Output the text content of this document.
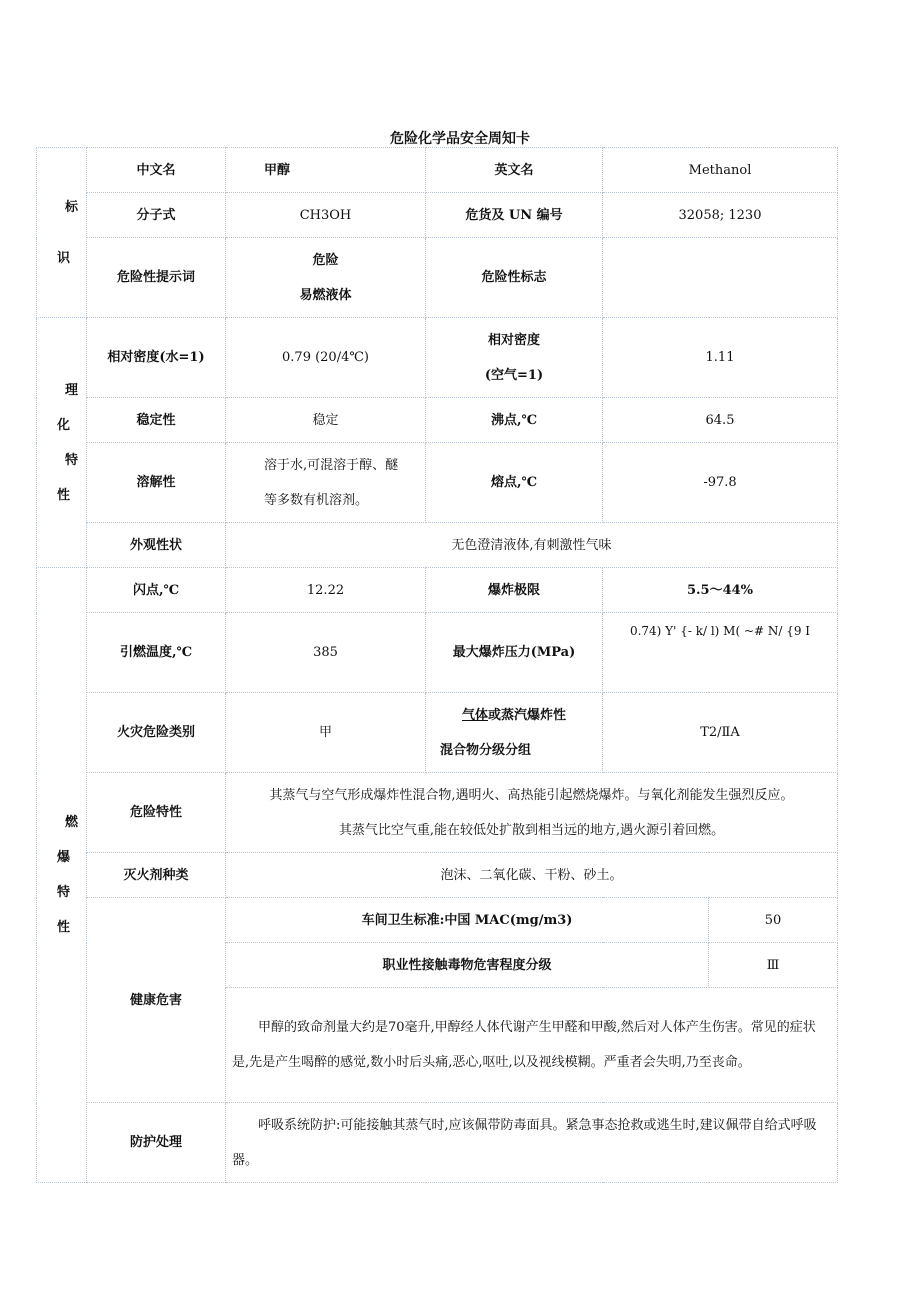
危险化学品安全周知卡
标
识	中文名	甲醇	英文名	Methanol	
	分子式	CH3OH	危货及 UN 编号	32058; 1230	
	危险性提示词	危险
易燃液体	危险性标志		

理
化
特
性	相对密度(水=1)	0.79 (20/4℃)	相对密度
(空气=1)	1.11	
	稳定性	稳定	沸点,℃	64.5	
	溶解性	溶于水,可混溶于醇、醚
等多数有机溶剂。	熔点,℃	-97.8	
	外观性状	无色澄清液体,有刺激性气味			

燃
爆特
性	闪点,℃	12.22	爆炸极限	5.5～44%	
	引燃温度,℃	385	最大爆炸压力(MPa)	0.74) Y' {- k/ l) M( ~# N/ {9 I	
	火灾危险类别	甲	气体或蒸汽爆炸性
混合物分级分组	T2/ⅡA	
	危险特性	其蒸气与空气形成爆炸性混合物,遇明火、高热能引起燃烧爆炸。与氧化剂能发生强烈反应。
其蒸气比空气重,能在较低处扩散到相当远的地方,遇火源引着回燃。			

	灭火剂种类	泡沫、二氧化碳、干粉、砂土。			
	健康危害	车间卫生标准:中国 MAC(mg/m3)			50
		职业性接触毒物危害程度分级			Ⅲ
		甲醇的致命剂量大约是70毫升,甲醇经人体代谢产生甲醛和甲酸,然后对人体产生伤害。常见的症状是,先是产生喝醉的感觉,数小时后头痛,恶心,呕吐,以及视线模糊。严重者会失明,乃至丧命。			
	防护处理	呼吸系统防护:可能接触其蒸气时,应该佩带防毒面具。紧急事态抢救或逃生时,建议佩带自给式呼吸器。			
